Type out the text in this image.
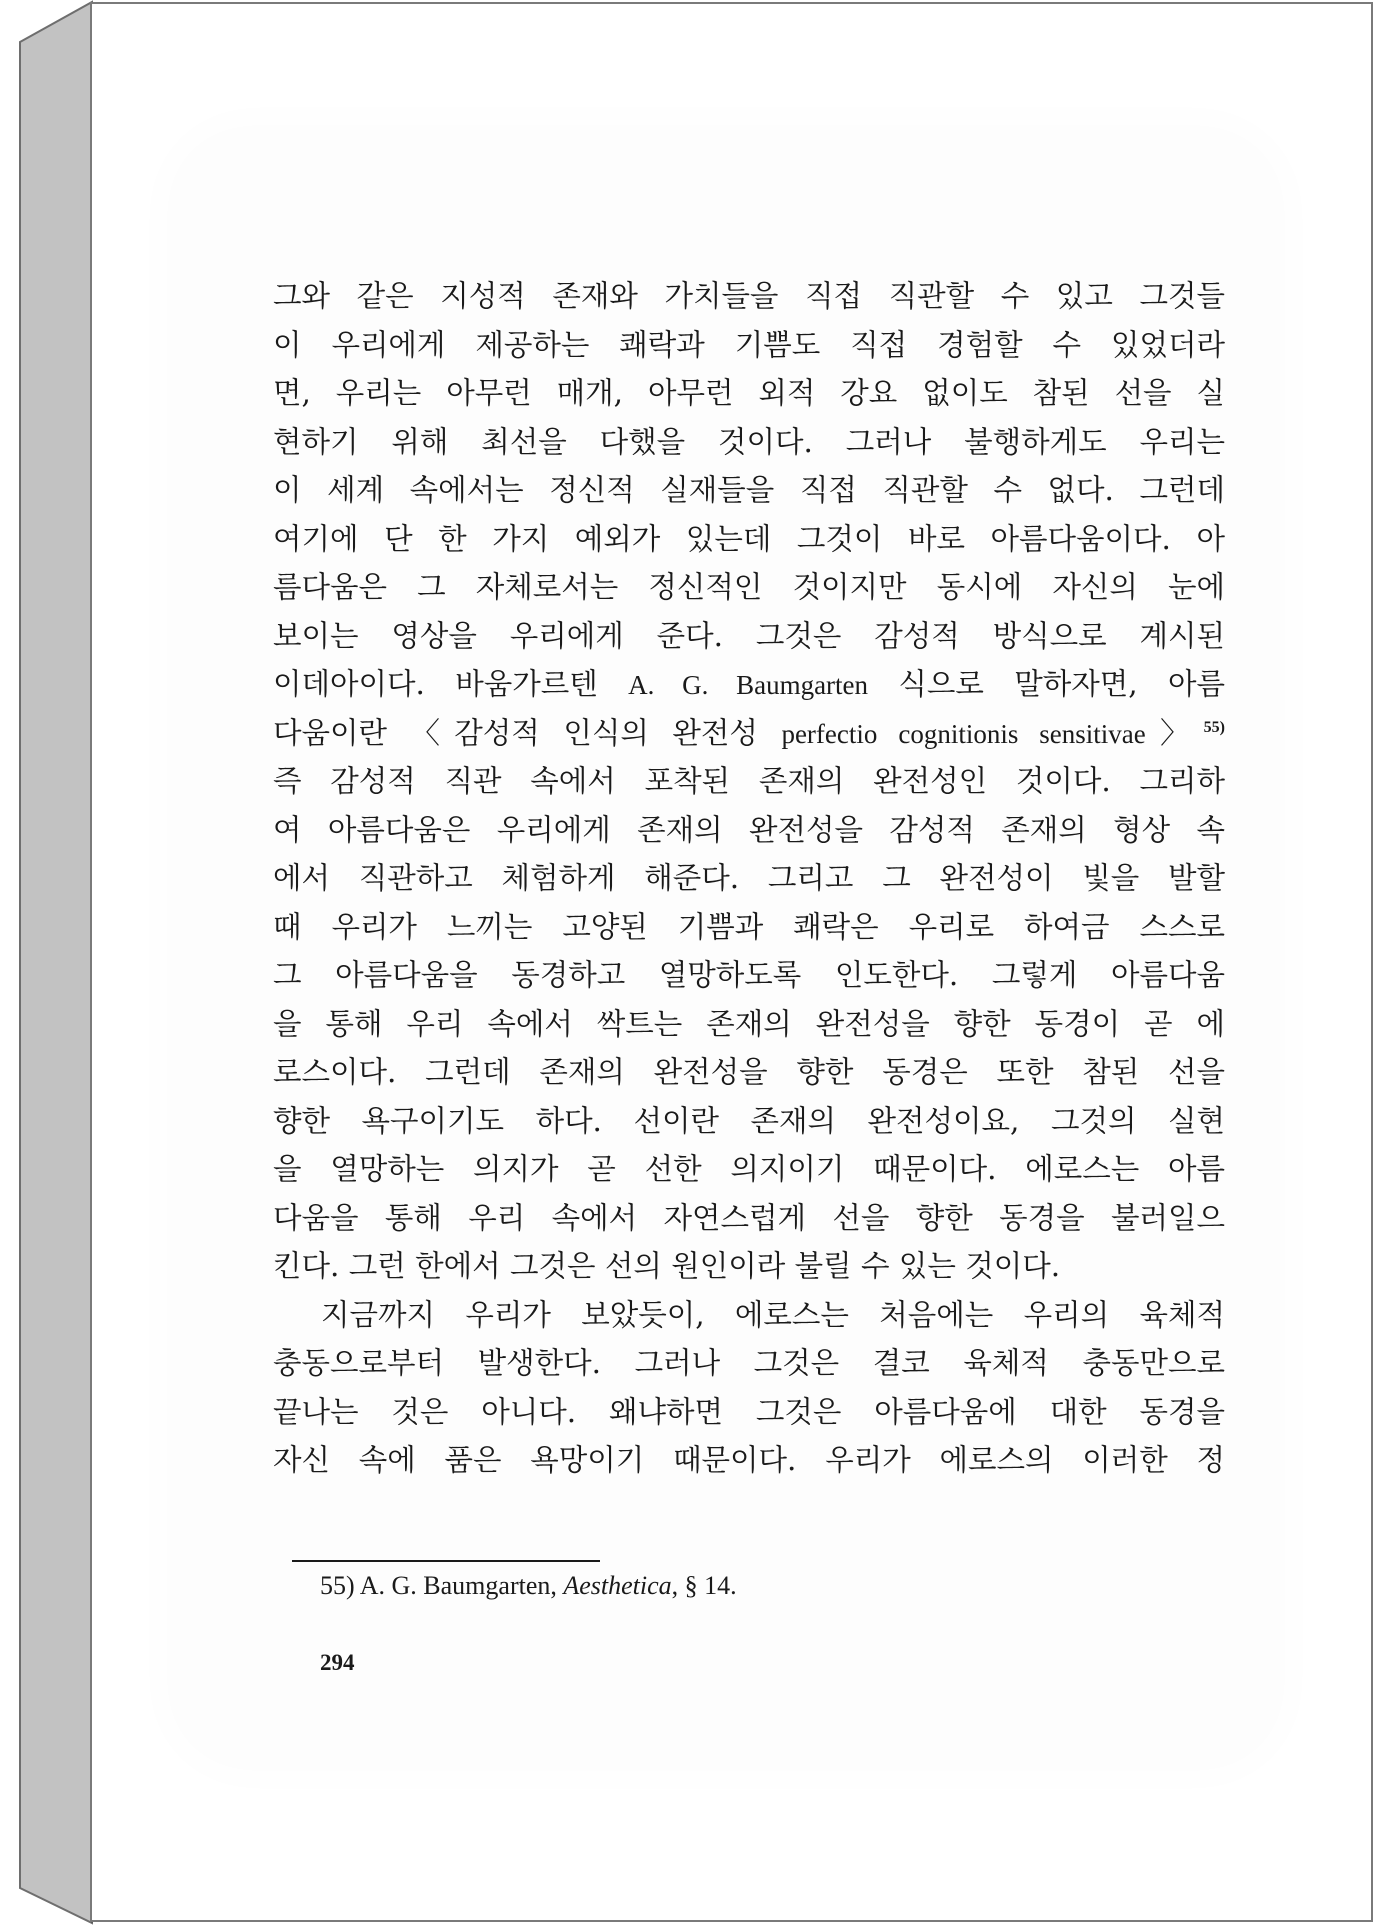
그와 같은 지성적 존재와 가치들을 직접 직관할 수 있고 그것들
이 우리에게 제공하는 쾌락과 기쁨도 직접 경험할 수 있었더라
면, 우리는 아무런 매개, 아무런 외적 강요 없이도 참된 선을 실
현하기 위해 최선을 다했을 것이다. 그러나 불행하게도 우리는
이 세계 속에서는 정신적 실재들을 직접 직관할 수 없다. 그런데
여기에 단 한 가지 예외가 있는데 그것이 바로 아름다움이다. 아
름다움은 그 자체로서는 정신적인 것이지만 동시에 자신의 눈에
보이는 영상을 우리에게 준다. 그것은 감성적 방식으로 계시된
이데아이다. 바움가르텐 A. G. Baumgarten 식으로 말하자면, 아름
다움이란 〈감성적 인식의 완전성 perfectio cognitionis sensitivae〉$^{55)}$
즉 감성적 직관 속에서 포착된 존재의 완전성인 것이다. 그리하
여 아름다움은 우리에게 존재의 완전성을 감성적 존재의 형상 속
에서 직관하고 체험하게 해준다. 그리고 그 완전성이 빛을 발할
때 우리가 느끼는 고양된 기쁨과 쾌락은 우리로 하여금 스스로
그 아름다움을 동경하고 열망하도록 인도한다. 그렇게 아름다움
을 통해 우리 속에서 싹트는 존재의 완전성을 향한 동경이 곧 에
로스이다. 그런데 존재의 완전성을 향한 동경은 또한 참된 선을
향한 욕구이기도 하다. 선이란 존재의 완전성이요, 그것의 실현
을 열망하는 의지가 곧 선한 의지이기 때문이다. 에로스는 아름
다움을 통해 우리 속에서 자연스럽게 선을 향한 동경을 불러일으
킨다. 그런 한에서 그것은 선의 원인이라 불릴 수 있는 것이다.
지금까지 우리가 보았듯이, 에로스는 처음에는 우리의 육체적
충동으로부터 발생한다. 그러나 그것은 결코 육체적 충동만으로
끝나는 것은 아니다. 왜냐하면 그것은 아름다움에 대한 동경을
자신 속에 품은 욕망이기 때문이다. 우리가 에로스의 이러한 정
55) A. G. Baumgarten, Aesthetica, § 14.
294
